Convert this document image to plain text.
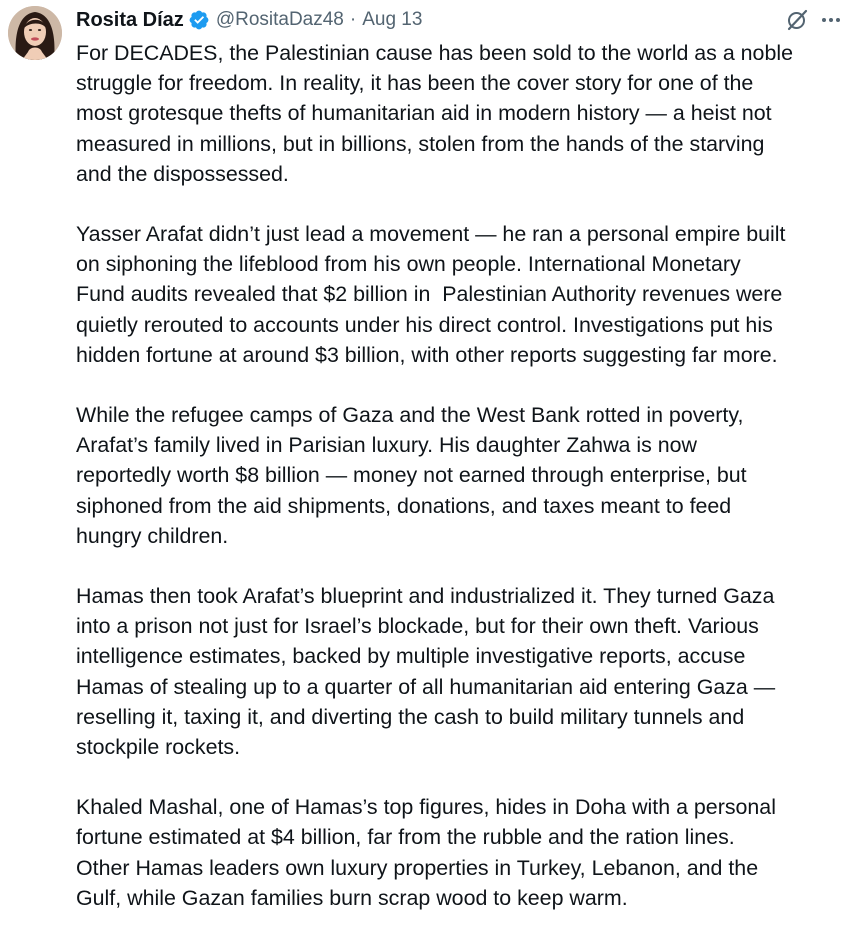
Rosita Díaz @RositaDaz48 · Aug 13

For DECADES, the Palestinian cause has been sold to the world as a noble
struggle for freedom. In reality, it has been the cover story for one of the
most grotesque thefts of humanitarian aid in modern history — a heist not
measured in millions, but in billions, stolen from the hands of the starving
and the dispossessed.

Yasser Arafat didn’t just lead a movement — he ran a personal empire built
on siphoning the lifeblood from his own people. International Monetary
Fund audits revealed that $2 billion in  Palestinian Authority revenues were
quietly rerouted to accounts under his direct control. Investigations put his
hidden fortune at around $3 billion, with other reports suggesting far more.

While the refugee camps of Gaza and the West Bank rotted in poverty,
Arafat’s family lived in Parisian luxury. His daughter Zahwa is now
reportedly worth $8 billion — money not earned through enterprise, but
siphoned from the aid shipments, donations, and taxes meant to feed
hungry children.

Hamas then took Arafat’s blueprint and industrialized it. They turned Gaza
into a prison not just for Israel’s blockade, but for their own theft. Various
intelligence estimates, backed by multiple investigative reports, accuse
Hamas of stealing up to a quarter of all humanitarian aid entering Gaza —
reselling it, taxing it, and diverting the cash to build military tunnels and
stockpile rockets.

Khaled Mashal, one of Hamas’s top figures, hides in Doha with a personal
fortune estimated at $4 billion, far from the rubble and the ration lines.
Other Hamas leaders own luxury properties in Turkey, Lebanon, and the
Gulf, while Gazan families burn scrap wood to keep warm.
